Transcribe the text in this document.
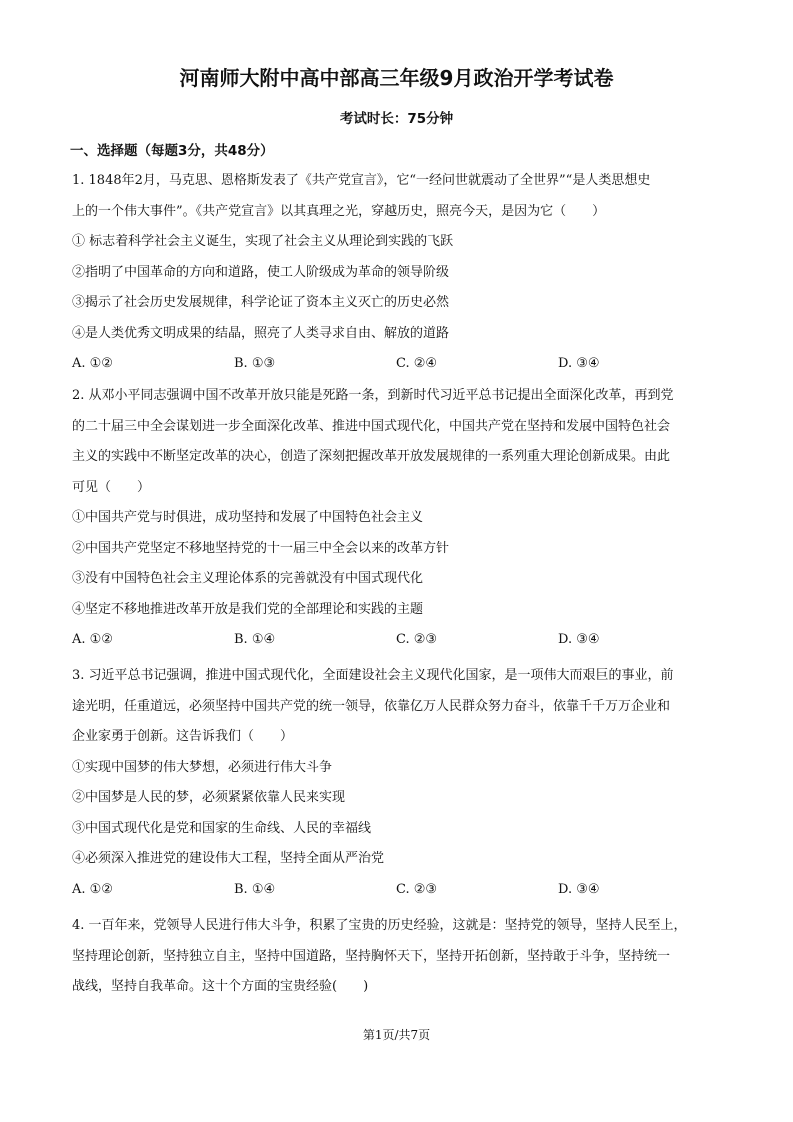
河南师大附中高中部高三年级9月政治开学考试卷
考试时长：75分钟
一、选择题（每题3分，共48分）

1. 1848年2月，马克思、恩格斯发表了《共产党宣言》，它“一经问世就震动了全世界”“是人类思想史

上的一个伟大事件”。《共产党宣言》以其真理之光，穿越历史，照亮今天，是因为它（　　）

① 标志着科学社会主义诞生，实现了社会主义从理论到实践的飞跃

②指明了中国革命的方向和道路，使工人阶级成为革命的领导阶级

③揭示了社会历史发展规律，科学论证了资本主义灭亡的历史必然

④是人类优秀文明成果的结晶，照亮了人类寻求自由、解放的道路

A. ①②	B. ①③	C. ②④	D. ③④

2. 从邓小平同志强调中国不改革开放只能是死路一条，到新时代习近平总书记提出全面深化改革，再到党

的二十届三中全会谋划进一步全面深化改革、推进中国式现代化，中国共产党在坚持和发展中国特色社会

主义的实践中不断坚定改革的决心，创造了深刻把握改革开放发展规律的一系列重大理论创新成果。由此

可见（　　）

①中国共产党与时俱进，成功坚持和发展了中国特色社会主义

②中国共产党坚定不移地坚持党的十一届三中全会以来的改革方针

③没有中国特色社会主义理论体系的完善就没有中国式现代化

④坚定不移地推进改革开放是我们党的全部理论和实践的主题

A. ①②	B. ①④	C. ②③	D. ③④

3. 习近平总书记强调，推进中国式现代化，全面建设社会主义现代化国家，是一项伟大而艰巨的事业，前

途光明，任重道远，必须坚持中国共产党的统一领导，依靠亿万人民群众努力奋斗，依靠千千万万企业和

企业家勇于创新。这告诉我们（　　）

①实现中国梦的伟大梦想，必须进行伟大斗争

②中国梦是人民的梦，必须紧紧依靠人民来实现

③中国式现代化是党和国家的生命线、人民的幸福线

④必须深入推进党的建设伟大工程，坚持全面从严治党

A. ①②	B. ①④	C. ②③	D. ③④

4. 一百年来，党领导人民进行伟大斗争，积累了宝贵的历史经验，这就是：坚持党的领导，坚持人民至上，

坚持理论创新，坚持独立自主，坚持中国道路，坚持胸怀天下，坚持开拓创新，坚持敢于斗争，坚持统一

战线，坚持自我革命。这十个方面的宝贵经验(　　)

第1页/共7页
